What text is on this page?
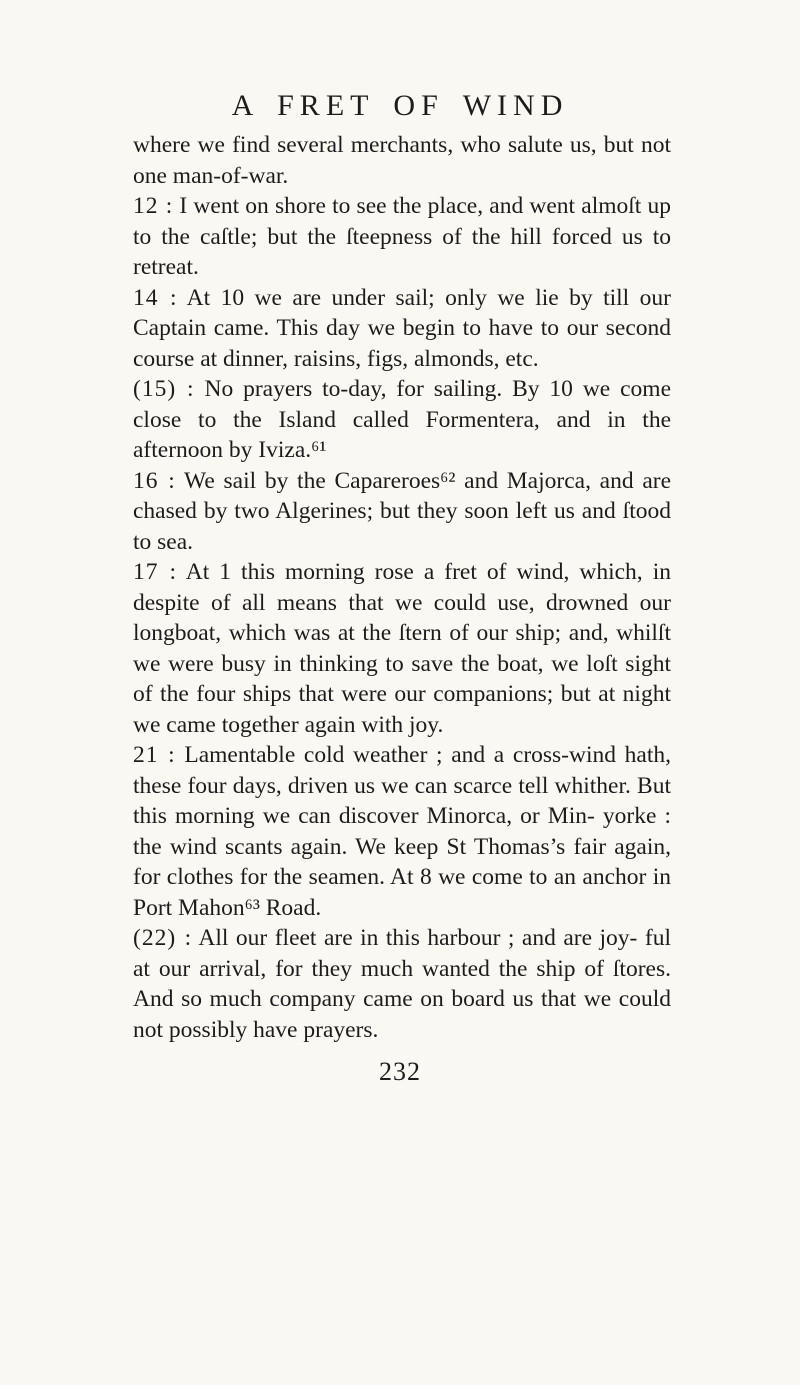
A FRET OF WIND

where we find several merchants, who salute us, but not one man-of-war.

12 : I went on shore to see the place, and went almoſt up to the caſtle; but the ſteepness of the hill forced us to retreat.

14 : At 10 we are under sail; only we lie by till our Captain came. This day we begin to have to our second course at dinner, raisins, figs, almonds, etc.

(15) : No prayers to-day, for sailing. By 10 we come close to the Island called Formentera, and in the afternoon by Iviza.⁶¹

16 : We sail by the Capareroes⁶² and Majorca, and are chased by two Algerines; but they soon left us and ſtood to sea.

17 : At 1 this morning rose a fret of wind, which, in despite of all means that we could use, drowned our longboat, which was at the ſtern of our ship; and, whilſt we were busy in thinking to save the boat, we loſt sight of the four ships that were our companions; but at night we came together again with joy.

21 : Lamentable cold weather ; and a cross-wind hath, these four days, driven us we can scarce tell whither. But this morning we can discover Minorca, or Min- yorke : the wind scants again. We keep St Thomas’s fair again, for clothes for the seamen. At 8 we come to an anchor in Port Mahon⁶³ Road.

(22) : All our fleet are in this harbour ; and are joy- ful at our arrival, for they much wanted the ship of ſtores. And so much company came on board us that we could not possibly have prayers.

232
